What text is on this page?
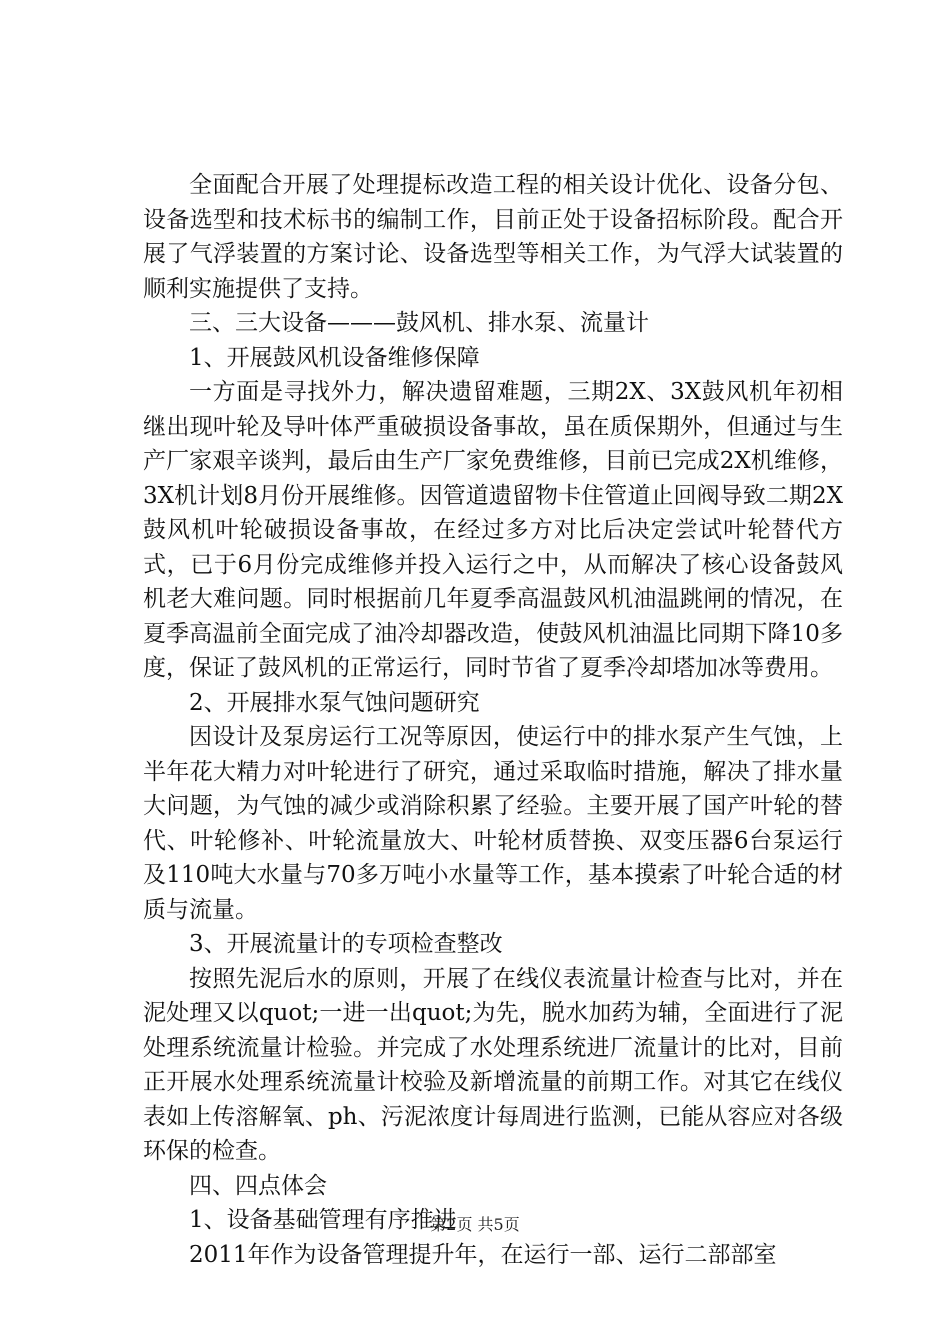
全面配合开展了处理提标改造工程的相关设计优化、设备分包、设备选型和技术标书的编制工作，目前正处于设备招标阶段。配合开展了气浮装置的方案讨论、设备选型等相关工作，为气浮大试装置的顺利实施提供了支持。

三、三大设备———鼓风机、排水泵、流量计

1、开展鼓风机设备维修保障

一方面是寻找外力，解决遗留难题，三期2X、3X鼓风机年初相继出现叶轮及导叶体严重破损设备事故，虽在质保期外，但通过与生产厂家艰辛谈判，最后由生产厂家免费维修，目前已完成2X机维修，3X机计划8月份开展维修。因管道遗留物卡住管道止回阀导致二期2X鼓风机叶轮破损设备事故，在经过多方对比后决定尝试叶轮替代方式，已于6月份完成维修并投入运行之中，从而解决了核心设备鼓风机老大难问题。同时根据前几年夏季高温鼓风机油温跳闸的情况，在夏季高温前全面完成了油冷却器改造，使鼓风机油温比同期下降10多度，保证了鼓风机的正常运行，同时节省了夏季冷却塔加冰等费用。

2、开展排水泵气蚀问题研究

因设计及泵房运行工况等原因，使运行中的排水泵产生气蚀，上半年花大精力对叶轮进行了研究，通过采取临时措施，解决了排水量大问题，为气蚀的减少或消除积累了经验。主要开展了国产叶轮的替代、叶轮修补、叶轮流量放大、叶轮材质替换、双变压器6台泵运行及110吨大水量与70多万吨小水量等工作，基本摸索了叶轮合适的材质与流量。

3、开展流量计的专项检查整改

按照先泥后水的原则，开展了在线仪表流量计检查与比对，并在泥处理又以quot;一进一出quot;为先，脱水加药为辅，全面进行了泥处理系统流量计检验。并完成了水处理系统进厂流量计的比对，目前正开展水处理系统流量计校验及新增流量的前期工作。对其它在线仪表如上传溶解氧、ph、污泥浓度计每周进行监测，已能从容应对各级环保的检查。

四、四点体会

1、设备基础管理有序推进

2011年作为设备管理提升年，在运行一部、运行二部部室

第2页 共5页
